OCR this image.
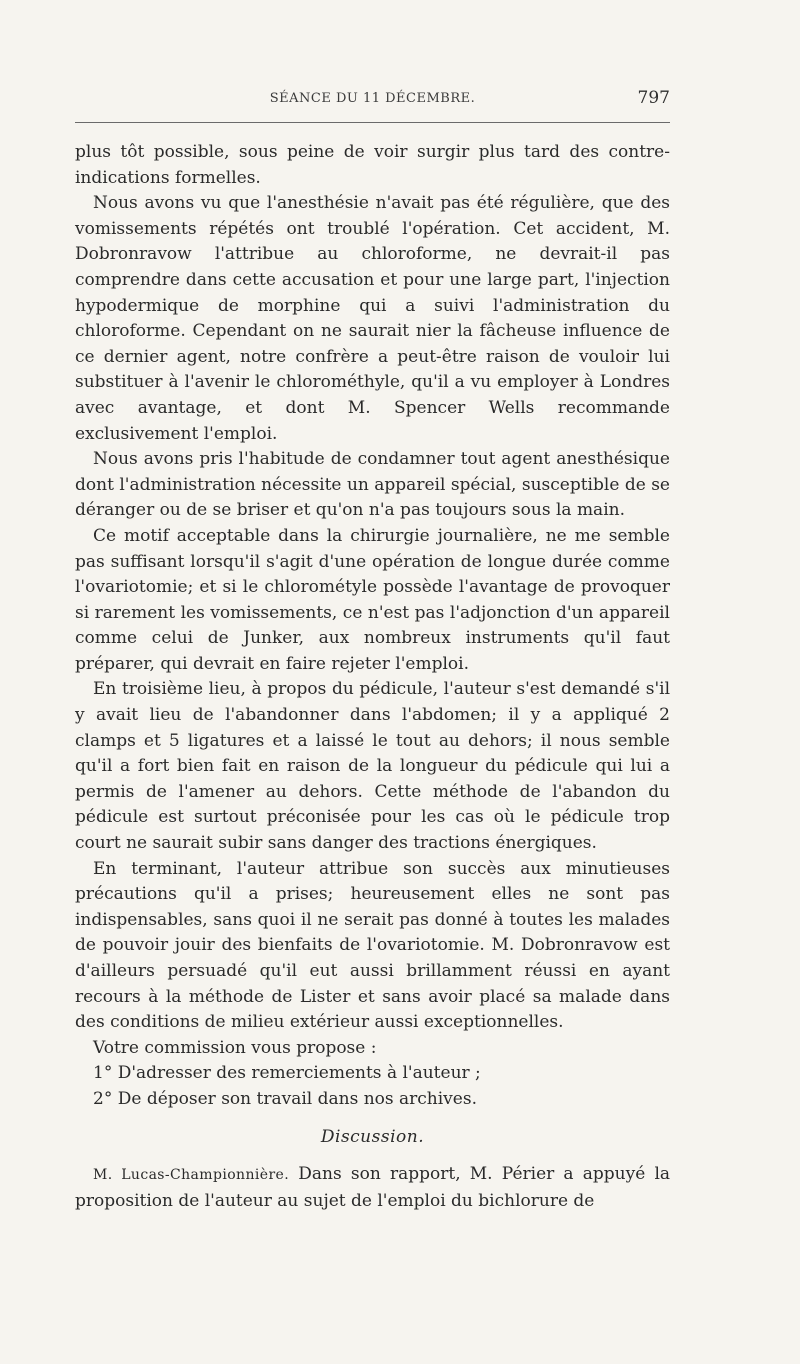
SÉANCE DU 11 DÉCEMBRE.	797

plus tôt possible, sous peine de voir surgir plus tard des contre-indications formelles.

Nous avons vu que l'anesthésie n'avait pas été régulière, que des vomissements répétés ont troublé l'opération. Cet accident, M. Dobronravow l'attribue au chloroforme, ne devrait-il pas comprendre dans cette accusation et pour une large part, l'injection hypodermique de morphine qui a suivi l'administration du chloroforme. Cependant on ne saurait nier la fâcheuse influence de ce dernier agent, notre confrère a peut-être raison de vouloir lui substituer à l'avenir le chlorométhyle, qu'il a vu employer à Londres avec avantage, et dont M. Spencer Wells recommande exclusivement l'emploi.

Nous avons pris l'habitude de condamner tout agent anesthésique dont l'administration nécessite un appareil spécial, susceptible de se déranger ou de se briser et qu'on n'a pas toujours sous la main.

Ce motif acceptable dans la chirurgie journalière, ne me semble pas suffisant lorsqu'il s'agit d'une opération de longue durée comme l'ovariotomie; et si le chlorométyle possède l'avantage de provoquer si rarement les vomissements, ce n'est pas l'adjonction d'un appareil comme celui de Junker, aux nombreux instruments qu'il faut préparer, qui devrait en faire rejeter l'emploi.

En troisième lieu, à propos du pédicule, l'auteur s'est demandé s'il y avait lieu de l'abandonner dans l'abdomen; il y a appliqué 2 clamps et 5 ligatures et a laissé le tout au dehors; il nous semble qu'il a fort bien fait en raison de la longueur du pédicule qui lui a permis de l'amener au dehors. Cette méthode de l'abandon du pédicule est surtout préconisée pour les cas où le pédicule trop court ne saurait subir sans danger des tractions énergiques.

En terminant, l'auteur attribue son succès aux minutieuses précautions qu'il a prises; heureusement elles ne sont pas indispensables, sans quoi il ne serait pas donné à toutes les malades de pouvoir jouir des bienfaits de l'ovariotomie. M. Dobronravow est d'ailleurs persuadé qu'il eut aussi brillamment réussi en ayant recours à la méthode de Lister et sans avoir placé sa malade dans des conditions de milieu extérieur aussi exceptionnelles.

Votre commission vous propose :

1° D'adresser des remerciements à l'auteur ;

2° De déposer son travail dans nos archives.

Discussion.

M. Lucas-Championnière. Dans son rapport, M. Périer a appuyé la proposition de l'auteur au sujet de l'emploi du bichlorure de
